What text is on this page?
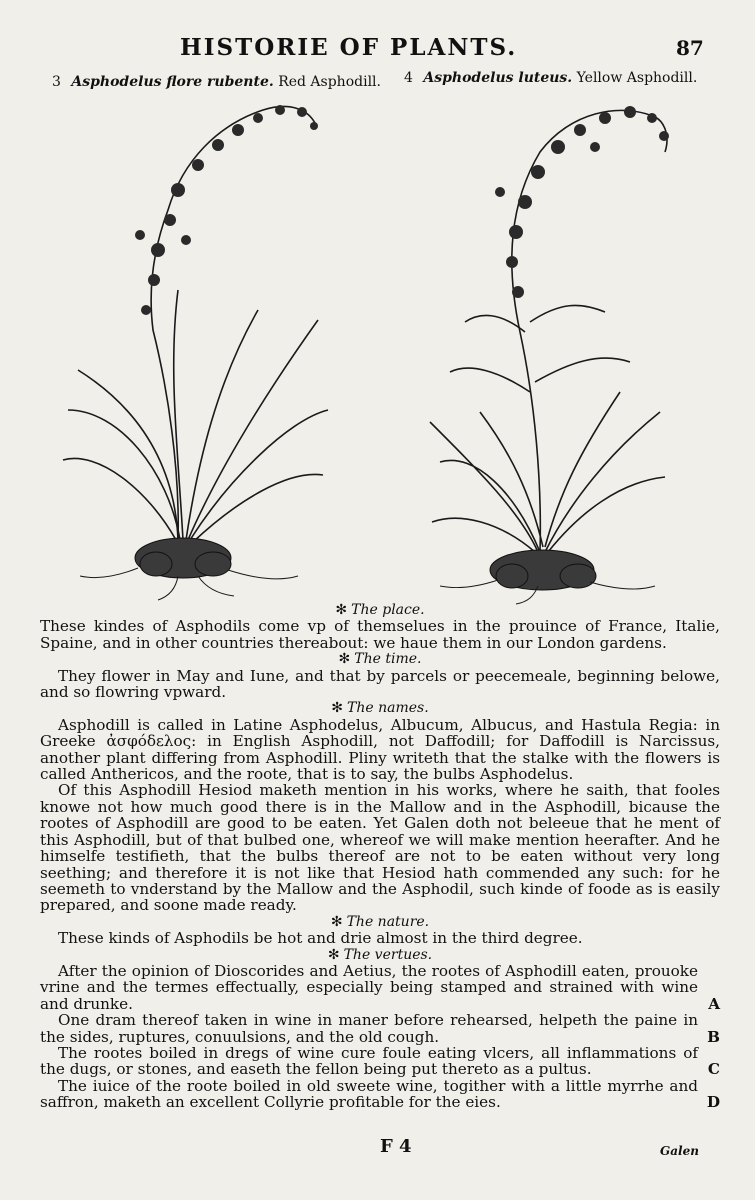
HISTORIE OF PLANTS.	87
3 Asphodelus flore rubente. Red Asphodill. 4 Asphodelus luteus. Yellow Asphodill.
✻ The place.

These kindes of Asphodils come vp of themselues in the prouince of France, Italie, Spaine, and in other countries thereabout: we haue them in our London gardens.

✻ The time.

They flower in May and Iune, and that by parcels or peecemeale, beginning belowe, and so flowring vpward.

✻ The names.

Asphodill is called in Latine Asphodelus, Albucum, Albucus, and Hastula Regia: in Greeke ἀσφόδελος: in English Asphodill, not Daffodill; for Daffodill is Narcissus, another plant differing from Asphodill. Pliny writeth that the stalke with the flowers is called Anthericos, and the roote, that is to say, the bulbs Asphodelus.

Of this Asphodill Hesiod maketh mention in his works, where he saith, that fooles knowe not how much good there is in the Mallow and in the Asphodill, bicause the rootes of Asphodill are good to be eaten. Yet Galen doth not beleeue that he ment of this Asphodill, but of that bulbed one, whereof we will make mention heerafter. And he himselfe testifieth, that the bulbs thereof are not to be eaten without very long seething; and therefore it is not like that Hesiod hath commended any such: for he seemeth to vnderstand by the Mallow and the Asphodil, such kinde of foode as is easily prepared, and soone made ready.

✻ The nature.

These kinds of Asphodils be hot and drie almost in the third degree.

✻ The vertues.

After the opinion of Dioscorides and Aetius, the rootes of Asphodill eaten, prouoke vrine and the termes effectually, especially being stamped and strained with wine and drunke.	A

One dram thereof taken in wine in maner before rehearsed, helpeth the paine in the sides, ruptures, conuulsions, and the old cough.	B

The rootes boiled in dregs of wine cure foule eating vlcers, all inflammations of the dugs, or stones, and easeth the fellon being put thereto as a pultus.	C

The iuice of the roote boiled in old sweete wine, togither with a little myrrhe and saffron, maketh an excellent Collyrie profitable for the eies.	D

F 4	Galen
